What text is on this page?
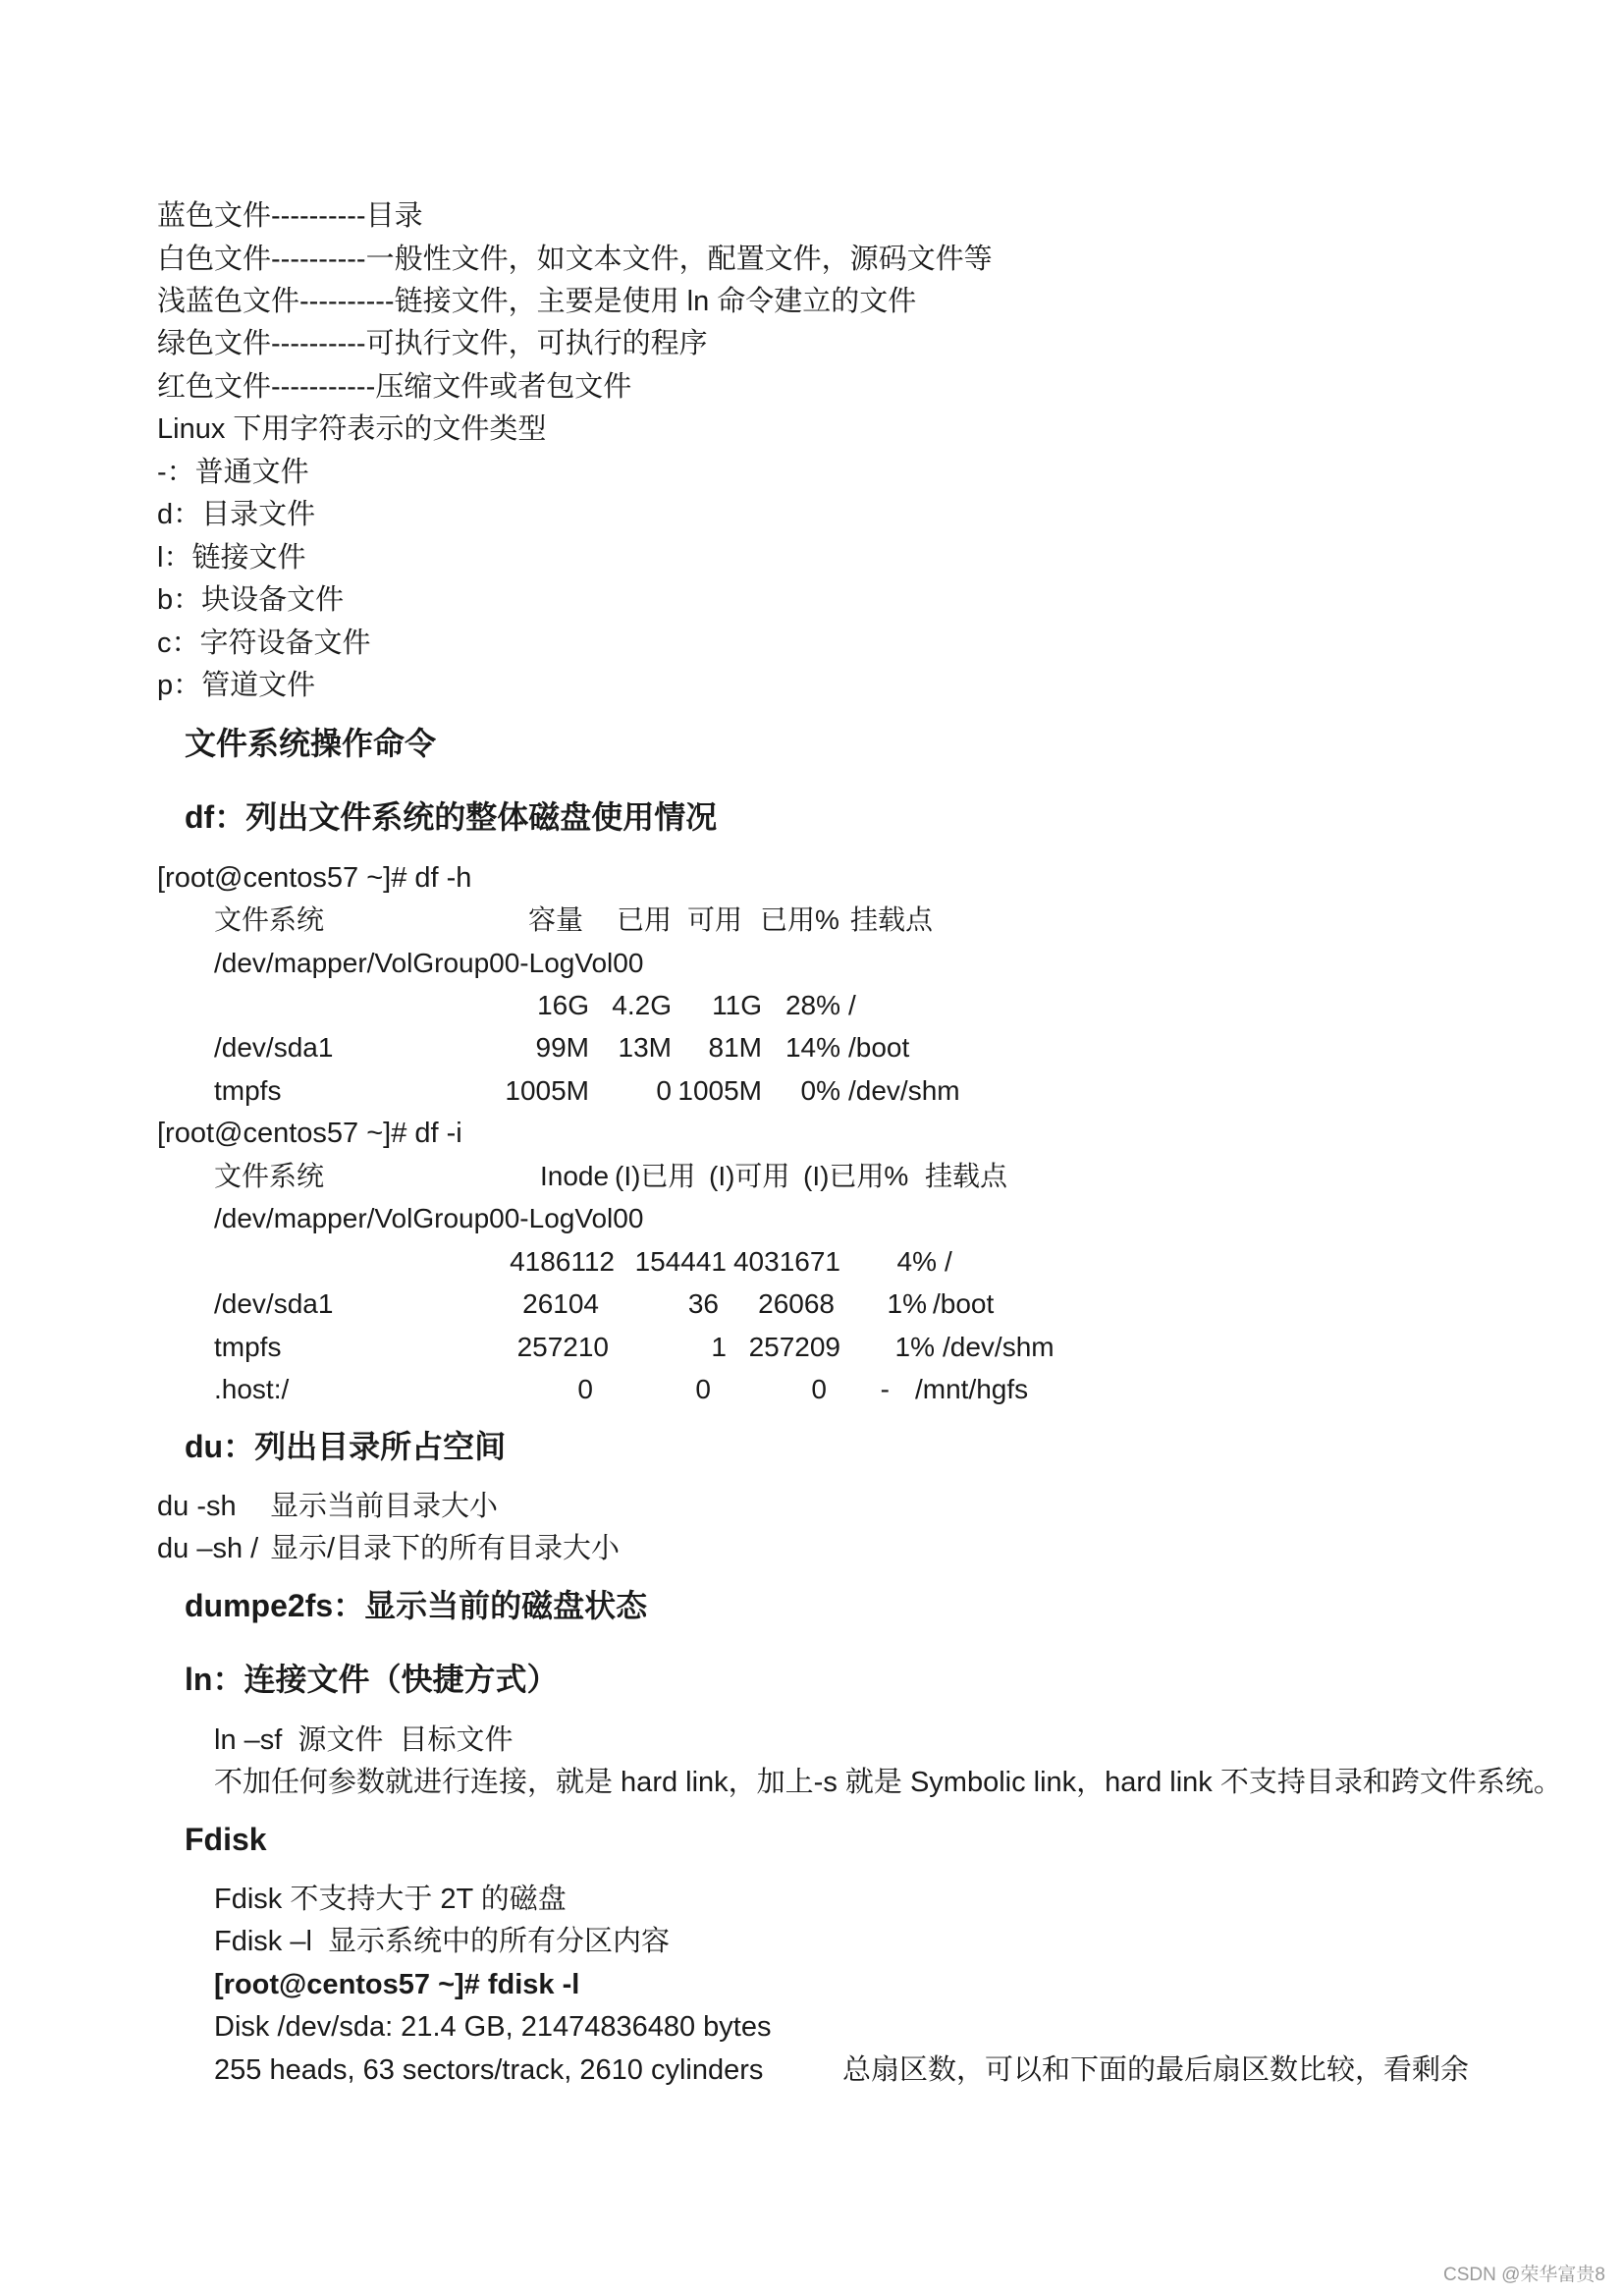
蓝色文件----------目录
白色文件----------一般性文件，如文本文件，配置文件，源码文件等
浅蓝色文件----------链接文件，主要是使用 ln 命令建立的文件
绿色文件----------可执行文件，可执行的程序
红色文件-----------压缩文件或者包文件
Linux 下用字符表示的文件类型
-：普通文件
d：目录文件
l：链接文件
b：块设备文件
c：字符设备文件
p：管道文件
文件系统操作命令
df：列出文件系统的整体磁盘使用情况
[root@centos57 ~]# df -h
文件系统	容量 已用 可用 已用% 挂载点
/dev/mapper/VolGroup00-LogVol00
16G 4.2G	11G 28% /
/dev/sda1	99M	13M	81M 14% /boot
tmpfs	1005M	0 1005M	0% /dev/shm
[root@centos57 ~]# df -i
文件系统	Inode (I)已用 (I)可用 (I)已用% 挂载点
/dev/mapper/VolGroup00-LogVol00
4186112 154441 4031671	4% /
/dev/sda1	26104	36	26068	1% /boot
tmpfs	257210	1 257209	1% /dev/shm
.host:/	0	0	0	- /mnt/hgfs
du：列出目录所占空间
du -sh 显示当前目录大小
du –sh / 显示/目录下的所有目录大小
dumpe2fs：显示当前的磁盘状态
ln：连接文件（快捷方式）
ln –sf  源文件  目标文件
不加任何参数就进行连接，就是 hard link，加上-s 就是 Symbolic link，hard link 不支持目录和跨文件系统。
Fdisk
Fdisk 不支持大于 2T 的磁盘
Fdisk –l  显示系统中的所有分区内容
[root@centos57 ~]# fdisk -l
Disk /dev/sda: 21.4 GB, 21474836480 bytes
255 heads, 63 sectors/track, 2610 cylinders	总扇区数，可以和下面的最后扇区数比较，看剩余
CSDN @荣华富贵8
